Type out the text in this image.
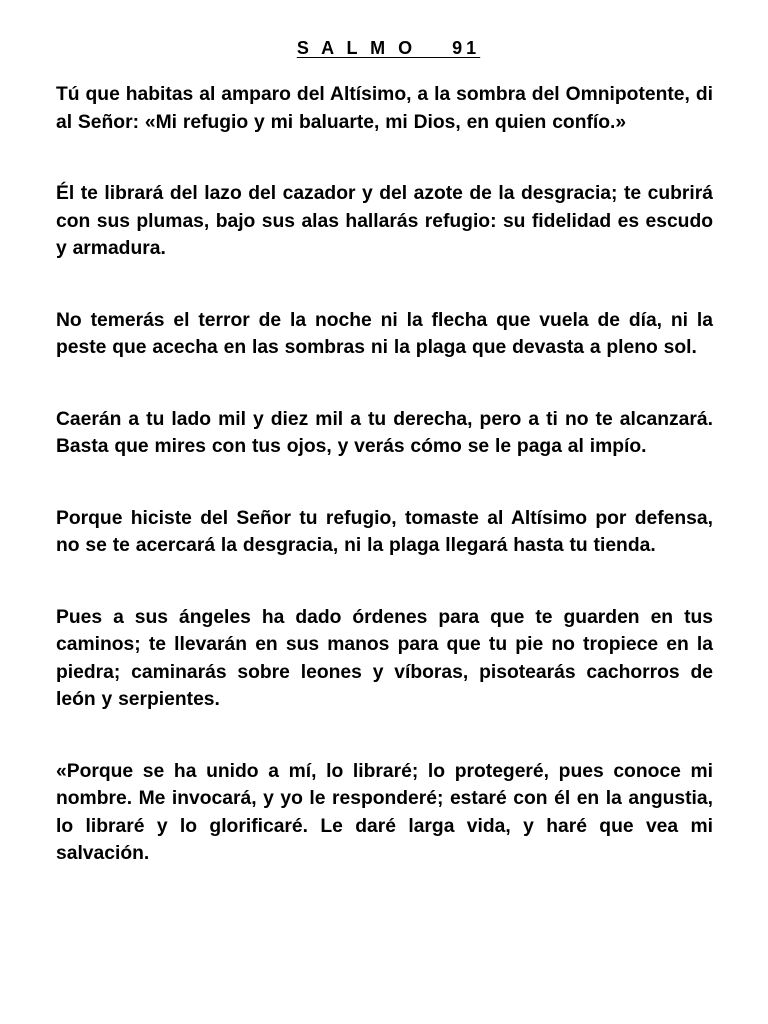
S A L M O    91

Tú que habitas al amparo del Altísimo, a la sombra del Omnipotente, di al Señor: «Mi refugio y mi baluarte, mi Dios, en quien confío.»

Él te librará del lazo del cazador y del azote de la desgracia; te cubrirá con sus plumas, bajo sus alas hallarás refugio: su fidelidad es escudo y armadura.

No temerás el terror de la noche ni la flecha que vuela de día, ni la peste que acecha en las sombras ni la plaga que devasta a pleno sol.

Caerán a tu lado mil y diez mil a tu derecha, pero a ti no te alcanzará. Basta que mires con tus ojos, y verás cómo se le paga al impío.

Porque hiciste del Señor tu refugio, tomaste al Altísimo por defensa, no se te acercará la desgracia, ni la plaga llegará hasta tu tienda.

Pues a sus ángeles ha dado órdenes para que te guarden en tus caminos; te llevarán en sus manos para que tu pie no tropiece en la piedra; caminarás sobre leones y víboras, pisotearás cachorros de león y serpientes.

«Porque se ha unido a mí, lo libraré; lo protegeré, pues conoce mi nombre. Me invocará, y yo le responderé; estaré con él en la angustia, lo libraré y lo glorificaré. Le daré larga vida, y haré que vea mi salvación.
